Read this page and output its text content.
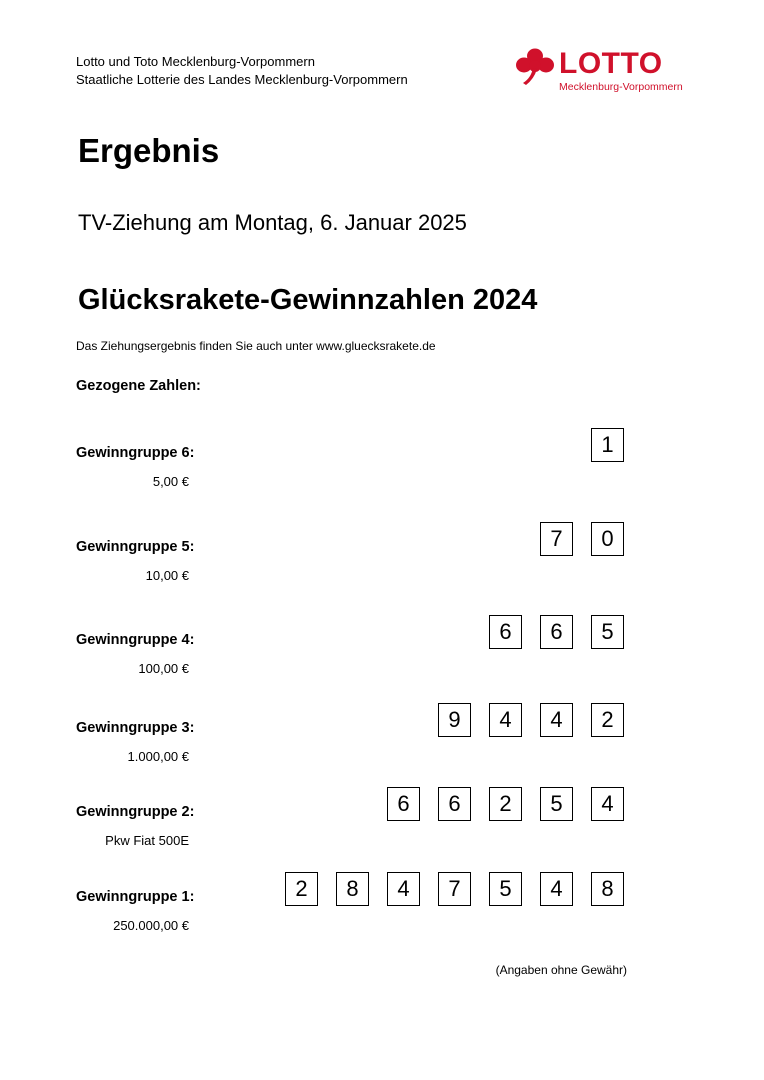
Lotto und Toto Mecklenburg-Vorpommern
Staatliche Lotterie des Landes Mecklenburg-Vorpommern	LOTTO
Mecklenburg-Vorpommern
Ergebnis
TV-Ziehung am Montag, 6. Januar 2025
Glücksrakete-Gewinnzahlen 2024
Das Ziehungsergebnis finden Sie auch unter www.gluecksrakete.de
Gezogene Zahlen:
Gewinngruppe 6:
5,00 €
1
Gewinngruppe 5:
10,00 €
0
7
Gewinngruppe 4:
100,00 €
5
6
6
Gewinngruppe 3:
1.000,00 €
2
4
4
9
Gewinngruppe 2:
Pkw Fiat 500E
4
5
2
6
6
Gewinngruppe 1:
250.000,00 €
8
4
5
7
4
8
2
(Angaben ohne Gewähr)
